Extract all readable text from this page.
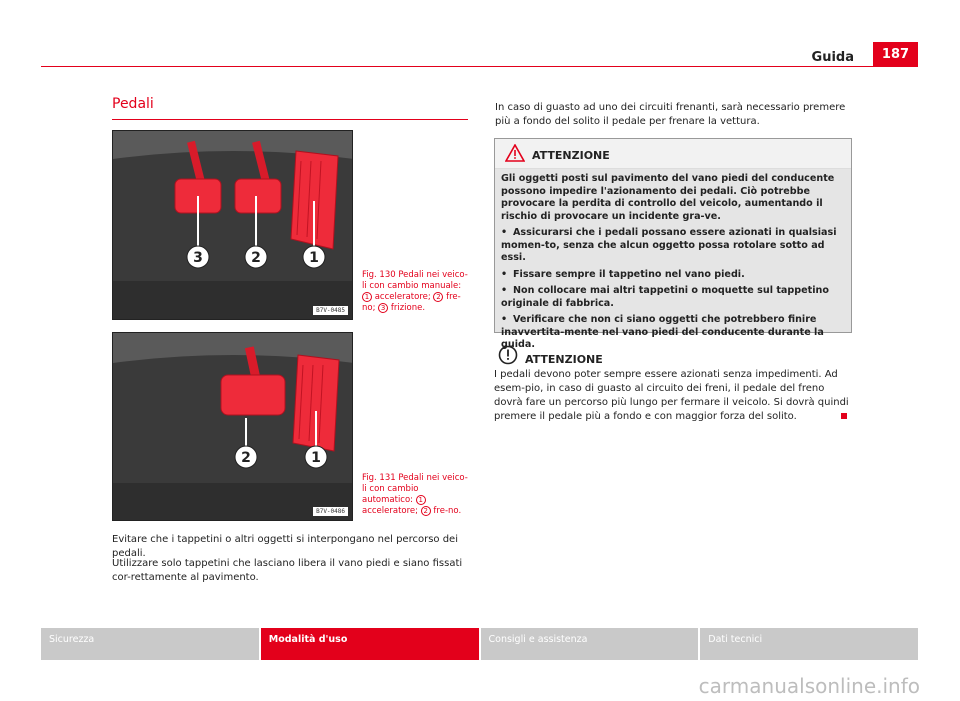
Guida	187
Pedali
3	2	1
B7V-0485
Fig. 130 Pedali nei veico-li con cambio manuale: 1 acceleratore; 2 fre-no; 3 frizione.
2	1
B7V-0486
Fig. 131 Pedali nei veico-li con cambio automatico: 1 acceleratore; 2 fre-no.

Evitare che i tappetini o altri oggetti si interpongano nel percorso dei pedali.

Utilizzare solo tappetini che lasciano libera il vano piedi e siano fissati cor-rettamente al pavimento.

In caso di guasto ad uno dei circuiti frenanti, sarà necessario premere più a fondo del solito il pedale per frenare la vettura.

ATTENZIONE

Gli oggetti posti sul pavimento del vano piedi del conducente possono impedire l'azionamento dei pedali. Ciò potrebbe provocare la perdita di controllo del veicolo, aumentando il rischio di provocare un incidente gra-ve.

• Assicurarsi che i pedali possano essere azionati in qualsiasi momen-to, senza che alcun oggetto possa rotolare sotto ad essi.

• Fissare sempre il tappetino nel vano piedi.

• Non collocare mai altri tappetini o moquette sul tappetino originale di fabbrica.

• Verificare che non ci siano oggetti che potrebbero finire inavvertita-mente nel vano piedi del conducente durante la guida.

ATTENZIONE

I pedali devono poter sempre essere azionati senza impedimenti. Ad esem-pio, in caso di guasto al circuito dei freni, il pedale del freno dovrà fare un percorso più lungo per fermare il veicolo. Si dovrà quindi premere il pedale più a fondo e con maggior forza del solito.

Sicurezza	Modalità d'uso	Consigli e assistenza	Dati tecnici
carmanualsonline.info
